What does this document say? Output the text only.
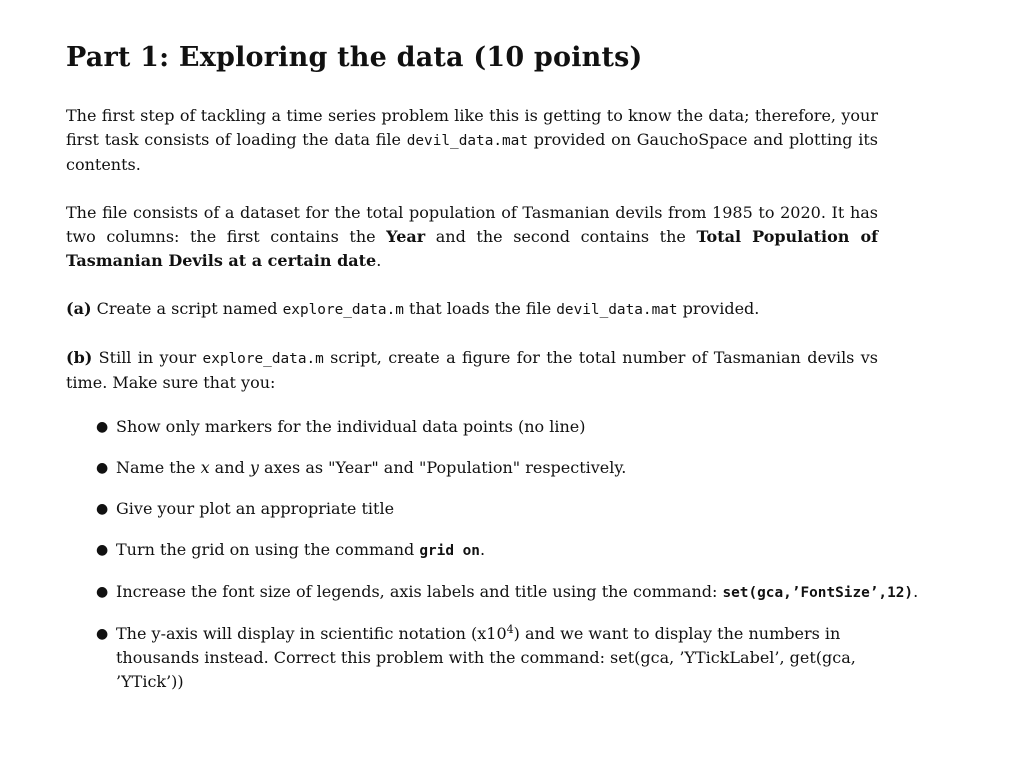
Part 1: Exploring the data (10 points)

The first step of tackling a time series problem like this is getting to know the data; therefore, your first task consists of loading the data file devil_data.mat provided on GauchoSpace and plotting its contents.

The file consists of a dataset for the total population of Tasmanian devils from 1985 to 2020. It has two columns: the first contains the Year and the second contains the Total Population of Tasmanian Devils at a certain date.

(a) Create a script named explore_data.m that loads the file devil_data.mat provided.

(b) Still in your explore_data.m script, create a figure for the total number of Tasmanian devils vs time. Make sure that you:

● Show only markers for the individual data points (no line)
● Name the x and y axes as "Year" and "Population" respectively.
● Give your plot an appropriate title
● Turn the grid on using the command grid on.
● Increase the font size of legends, axis labels and title using the command: set(gca,’FontSize’,12).
● The y-axis will display in scientific notation $(x10^4)$ and we want to display the numbers in thousands instead. Correct this problem with the command: set(gca, ’YTickLabel’, get(gca, ’YTick’))
